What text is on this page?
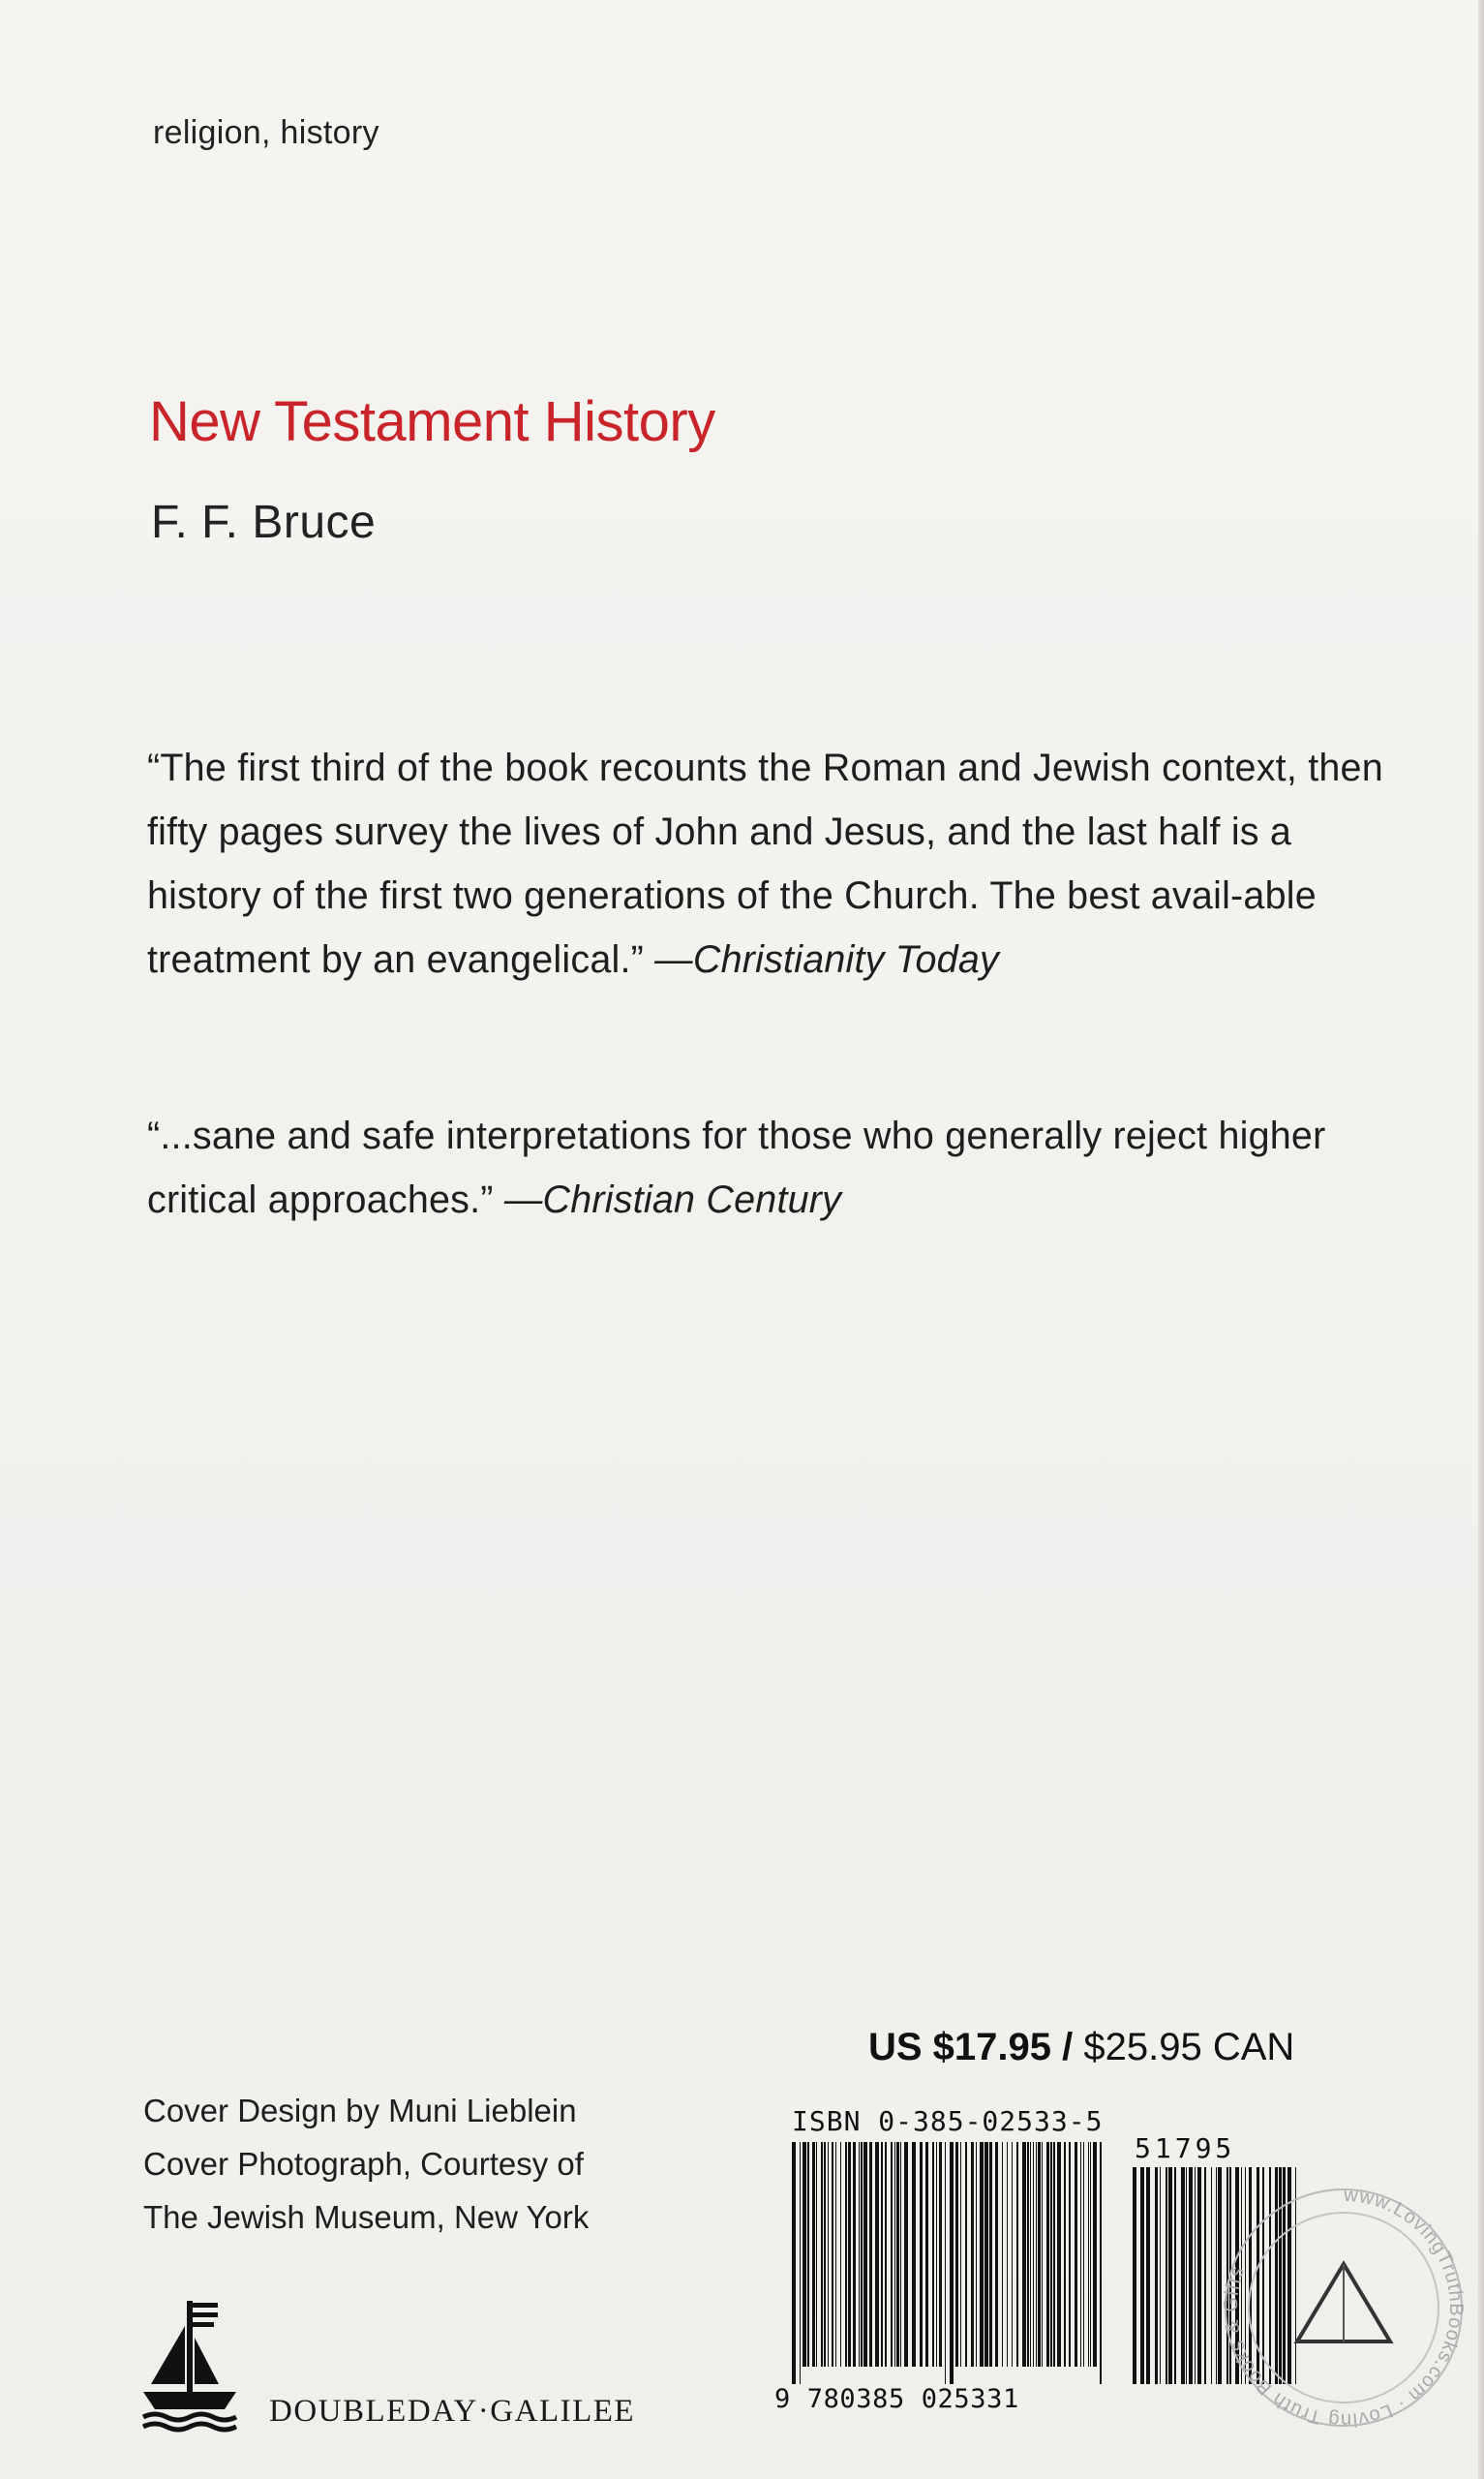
religion, history
New Testament History
F. F. Bruce
“The first third of the book recounts the Roman and Jewish context, then fifty pages survey the lives of John and Jesus, and the last half is a history of the first two generations of the Church. The best avail-able treatment by an evangelical.” —Christianity Today
“...sane and safe interpretations for those who generally reject higher critical approaches.” —Christian Century
US $17.95 / $25.95 CAN
Cover Design by Muni Lieblein
Cover Photograph, Courtesy of
The Jewish Museum, New York
ISBN 0-385-02533-5
51795
9 780385 025331
DOUBLEDAY·GALILEE
www.LovingTruthBooks.com · Loving Truth Books & Gifts
